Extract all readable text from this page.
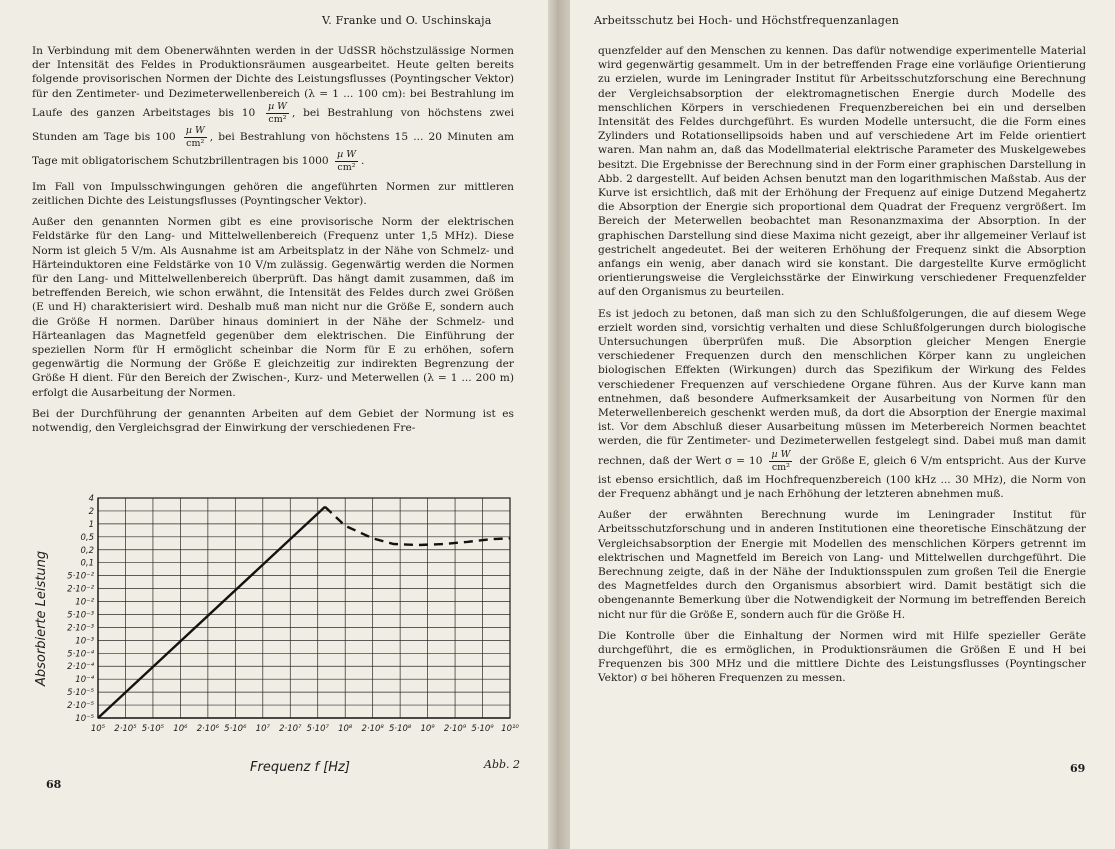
V. Franke und O. Uschinskaja

In Verbindung mit dem Obenerwähnten werden in der UdSSR höchstzulässige Normen der Intensität des Feldes in Produktionsräumen ausgearbeitet. Heute gelten bereits folgende provisorischen Normen der Dichte des Leistungsflusses (Poyntingscher Vektor) für den Zentimeter- und Dezimeterwellenbereich (λ = 1 ... 100 cm): bei Bestrahlung im Laufe des ganzen Arbeitstages bis $10 \frac{\text{µ W}}{\text{cm²}}$ , bei Bestrahlung von höchstens zwei Stunden am Tage bis $100 \frac{\text{µ W}}{\text{cm²}}$ , bei Bestrahlung von höchstens 15 ... 20 Minuten am Tage mit obligatorischem Schutzbrillentragen bis $1000 \frac{\text{µ W}}{\text{cm²}}$ .

Im Fall von Impulsschwingungen gehören die angeführten Normen zur mittleren zeitlichen Dichte des Leistungsflusses (Poyntingscher Vektor).

Außer den genannten Normen gibt es eine provisorische Norm der elektrischen Feldstärke für den Lang- und Mittelwellenbereich (Frequenz unter 1,5 MHz). Diese Norm ist gleich 5 V/m. Als Ausnahme ist am Arbeitsplatz in der Nähe von Schmelz- und Härteinduktoren eine Feldstärke von 10 V/m zulässig. Gegenwärtig werden die Normen für den Lang- und Mittelwellenbereich überprüft. Das hängt damit zusammen, daß im betreffenden Bereich, wie schon erwähnt, die Intensität des Feldes durch zwei Größen (E und H) charakterisiert wird. Deshalb muß man nicht nur die Größe E, sondern auch die Größe H normen. Darüber hinaus dominiert in der Nähe der Schmelz- und Härteanlagen das Magnetfeld gegenüber dem elektrischen. Die Einführung der speziellen Norm für H ermöglicht scheinbar die Norm für E zu erhöhen, sofern gegenwärtig die Normung der Größe E gleichzeitig zur indirekten Begrenzung der Größe H dient. Für den Bereich der Zwischen-, Kurz- und Meterwellen (λ = 1 ... 200 m) erfolgt die Ausarbeitung der Normen.

Bei der Durchführung der genannten Arbeiten auf dem Gebiet der Normung ist es notwendig, den Vergleichsgrad der Einwirkung der verschiedenen Fre-

10⁵ 2·10⁵ 5·10⁵ 10⁶ 2·10⁶ 5·10⁶ 10⁷ 2·10⁷ 5·10⁷ 10⁸ 2·10⁸ 5·10⁸ 10⁹ 2·10⁹ 5·10⁹ 10¹⁰
10⁻⁵
2·10⁻⁵
5·10⁻⁵
10⁻⁴
2·10⁻⁴
5·10⁻⁴
10⁻³
2·10⁻³
5·10⁻³
10⁻²
2·10⁻²
5·10⁻²
0,1
0,2
0,5
1
2
4
Absorbierte Leistung
Frequenz f [Hz]	Abb. 2
68
Arbeitsschutz bei Hoch- und Höchstfrequenzanlagen

quenzfelder auf den Menschen zu kennen. Das dafür notwendige experimentelle Material wird gegenwärtig gesammelt. Um in der betreffenden Frage eine vorläufige Orientierung zu erzielen, wurde im Leningrader Institut für Arbeitsschutzforschung eine Berechnung der Vergleichsabsorption der elektromagnetischen Energie durch Modelle des menschlichen Körpers in verschiedenen Frequenzbereichen bei ein und derselben Intensität des Feldes durchgeführt. Es wurden Modelle untersucht, die die Form eines Zylinders und Rotationsellipsoids haben und auf verschiedene Art im Felde orientiert waren. Man nahm an, daß das Modellmaterial elektrische Parameter des Muskelgewebes besitzt. Die Ergebnisse der Berechnung sind in der Form einer graphischen Darstellung in Abb. 2 dargestellt. Auf beiden Achsen benutzt man den logarithmischen Maßstab. Aus der Kurve ist ersichtlich, daß mit der Erhöhung der Frequenz auf einige Dutzend Megahertz die Absorption der Energie sich proportional dem Quadrat der Frequenz vergrößert. Im Bereich der Meterwellen beobachtet man Resonanzmaxima der Absorption. In der graphischen Darstellung sind diese Maxima nicht gezeigt, aber ihr allgemeiner Verlauf ist gestrichelt angedeutet. Bei der weiteren Erhöhung der Frequenz sinkt die Absorption anfangs ein wenig, aber danach wird sie konstant. Die dargestellte Kurve ermöglicht orientierungsweise die Vergleichsstärke der Einwirkung verschiedener Frequenzfelder auf den Organismus zu beurteilen.

Es ist jedoch zu betonen, daß man sich zu den Schlußfolgerungen, die auf diesem Wege erzielt worden sind, vorsichtig verhalten und diese Schlußfolgerungen durch biologische Untersuchungen überprüfen muß. Die Absorption gleicher Mengen Energie verschiedener Frequenzen durch den menschlichen Körper kann zu ungleichen biologischen Effekten (Wirkungen) durch das Spezifikum der Wirkung des Feldes verschiedener Frequenzen auf verschiedene Organe führen. Aus der Kurve kann man entnehmen, daß besondere Aufmerksamkeit der Ausarbeitung von Normen für den Meterwellenbereich geschenkt werden muß, da dort die Absorption der Energie maximal ist. Vor dem Abschluß dieser Ausarbeitung müssen im Meterbereich Normen beachtet werden, die für Zentimeter- und Dezimeterwellen festgelegt sind. Dabei muß man damit rechnen, daß der Wert $\sigma = 10 \frac{\text{µ W}}{\text{cm²}}$ der Größe E, gleich 6 V/m entspricht. Aus der Kurve ist ebenso ersichtlich, daß im Hochfrequenzbereich (100 kHz ... 30 MHz), die Norm von der Frequenz abhängt und je nach Erhöhung der letzteren abnehmen muß.

Außer der erwähnten Berechnung wurde im Leningrader Institut für Arbeitsschutzforschung und in anderen Institutionen eine theoretische Einschätzung der Vergleichsabsorption der Energie mit Modellen des menschlichen Körpers getrennt im elektrischen und Magnetfeld im Bereich von Lang- und Mittelwellen durchgeführt. Die Berechnung zeigte, daß in der Nähe der Induktionsspulen zum großen Teil die Energie des Magnetfeldes durch den Organismus absorbiert wird. Damit bestätigt sich die obengenannte Bemerkung über die Notwendigkeit der Normung im betreffenden Bereich nicht nur für die Größe E, sondern auch für die Größe H.

Die Kontrolle über die Einhaltung der Normen wird mit Hilfe spezieller Geräte durchgeführt, die es ermöglichen, in Produktionsräumen die Größen E und H bei Frequenzen bis 300 MHz und die mittlere Dichte des Leistungsflusses (Poyntingscher Vektor) σ bei höheren Frequenzen zu messen.

69
